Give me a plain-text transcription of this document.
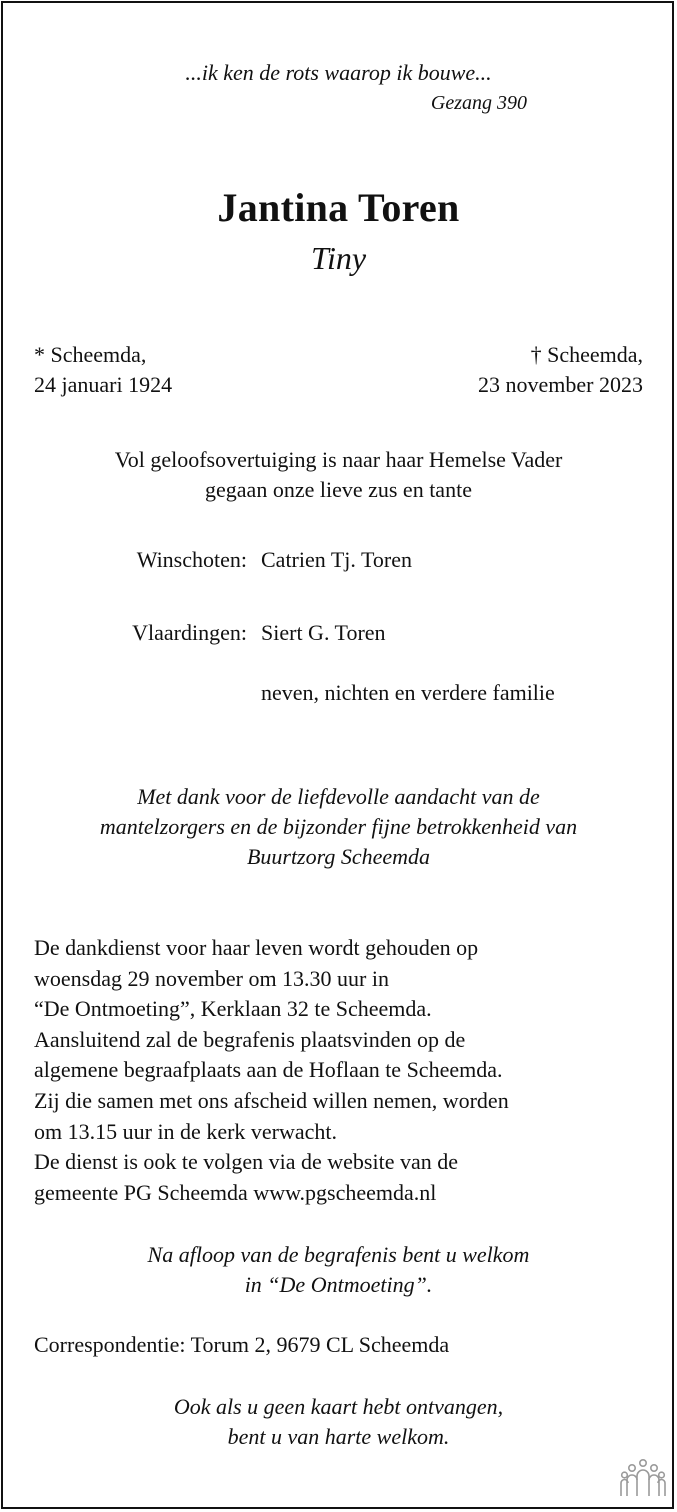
...ik ken de rots waarop ik bouwe...
Gezang 390
Jantina Toren
Tiny
* Scheemda,
24 januari 1924
† Scheemda,
23 november 2023
Vol geloofsovertuiging is naar haar Hemelse Vader
gegaan onze lieve zus en tante
Winschoten: Catrien Tj. Toren
Vlaardingen: Siert G. Toren
neven, nichten en verdere familie
Met dank voor de liefdevolle aandacht van de
mantelzorgers en de bijzonder fijne betrokkenheid van
Buurtzorg Scheemda
De dankdienst voor haar leven wordt gehouden op
woensdag 29 november om 13.30 uur in
“De Ontmoeting”, Kerklaan 32 te Scheemda.
Aansluitend zal de begrafenis plaatsvinden op de
algemene begraafplaats aan de Hoflaan te Scheemda.
Zij die samen met ons afscheid willen nemen, worden
om 13.15 uur in de kerk verwacht.
De dienst is ook te volgen via de website van de
gemeente PG Scheemda www.pgscheemda.nl
Na afloop van de begrafenis bent u welkom
in “De Ontmoeting”.
Correspondentie: Torum 2, 9679 CL Scheemda
Ook als u geen kaart hebt ontvangen,
bent u van harte welkom.
